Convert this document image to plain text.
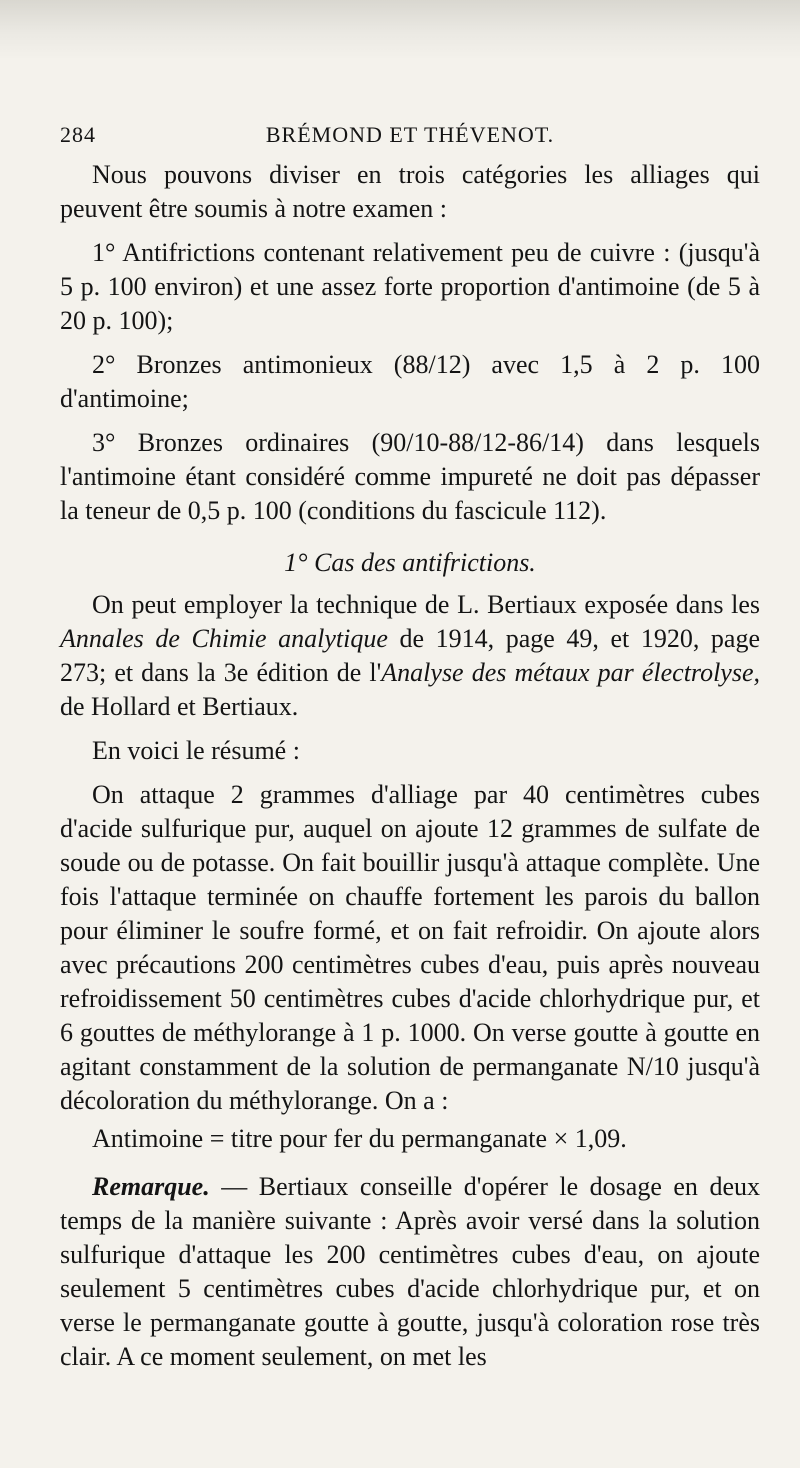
284	BRÉMOND ET THÉVENOT.

Nous pouvons diviser en trois catégories les alliages qui peuvent être soumis à notre examen :

1° Antifrictions contenant relativement peu de cuivre : (jusqu'à 5 p. 100 environ) et une assez forte proportion d'antimoine (de 5 à 20 p. 100);

2° Bronzes antimonieux (88/12) avec 1,5 à 2 p. 100 d'antimoine;

3° Bronzes ordinaires (90/10-88/12-86/14) dans lesquels l'antimoine étant considéré comme impureté ne doit pas dépasser la teneur de 0,5 p. 100 (conditions du fascicule 112).

1° Cas des antifrictions.

On peut employer la technique de L. Bertiaux exposée dans les Annales de Chimie analytique de 1914, page 49, et 1920, page 273; et dans la 3e édition de l'Analyse des métaux par électrolyse, de Hollard et Bertiaux.

En voici le résumé :

On attaque 2 grammes d'alliage par 40 centimètres cubes d'acide sulfurique pur, auquel on ajoute 12 grammes de sulfate de soude ou de potasse. On fait bouillir jusqu'à attaque complète. Une fois l'attaque terminée on chauffe fortement les parois du ballon pour éliminer le soufre formé, et on fait refroidir. On ajoute alors avec précautions 200 centimètres cubes d'eau, puis après nouveau refroidissement 50 centimètres cubes d'acide chlorhydrique pur, et 6 gouttes de méthylorange à 1 p. 1000. On verse goutte à goutte en agitant constamment de la solution de permanganate N/10 jusqu'à décoloration du méthylorange. On a :

Antimoine = titre pour fer du permanganate × 1,09.

Remarque. — Bertiaux conseille d'opérer le dosage en deux temps de la manière suivante : Après avoir versé dans la solution sulfurique d'attaque les 200 centimètres cubes d'eau, on ajoute seulement 5 centimètres cubes d'acide chlorhydrique pur, et on verse le permanganate goutte à goutte, jusqu'à coloration rose très clair. A ce moment seulement, on met les
